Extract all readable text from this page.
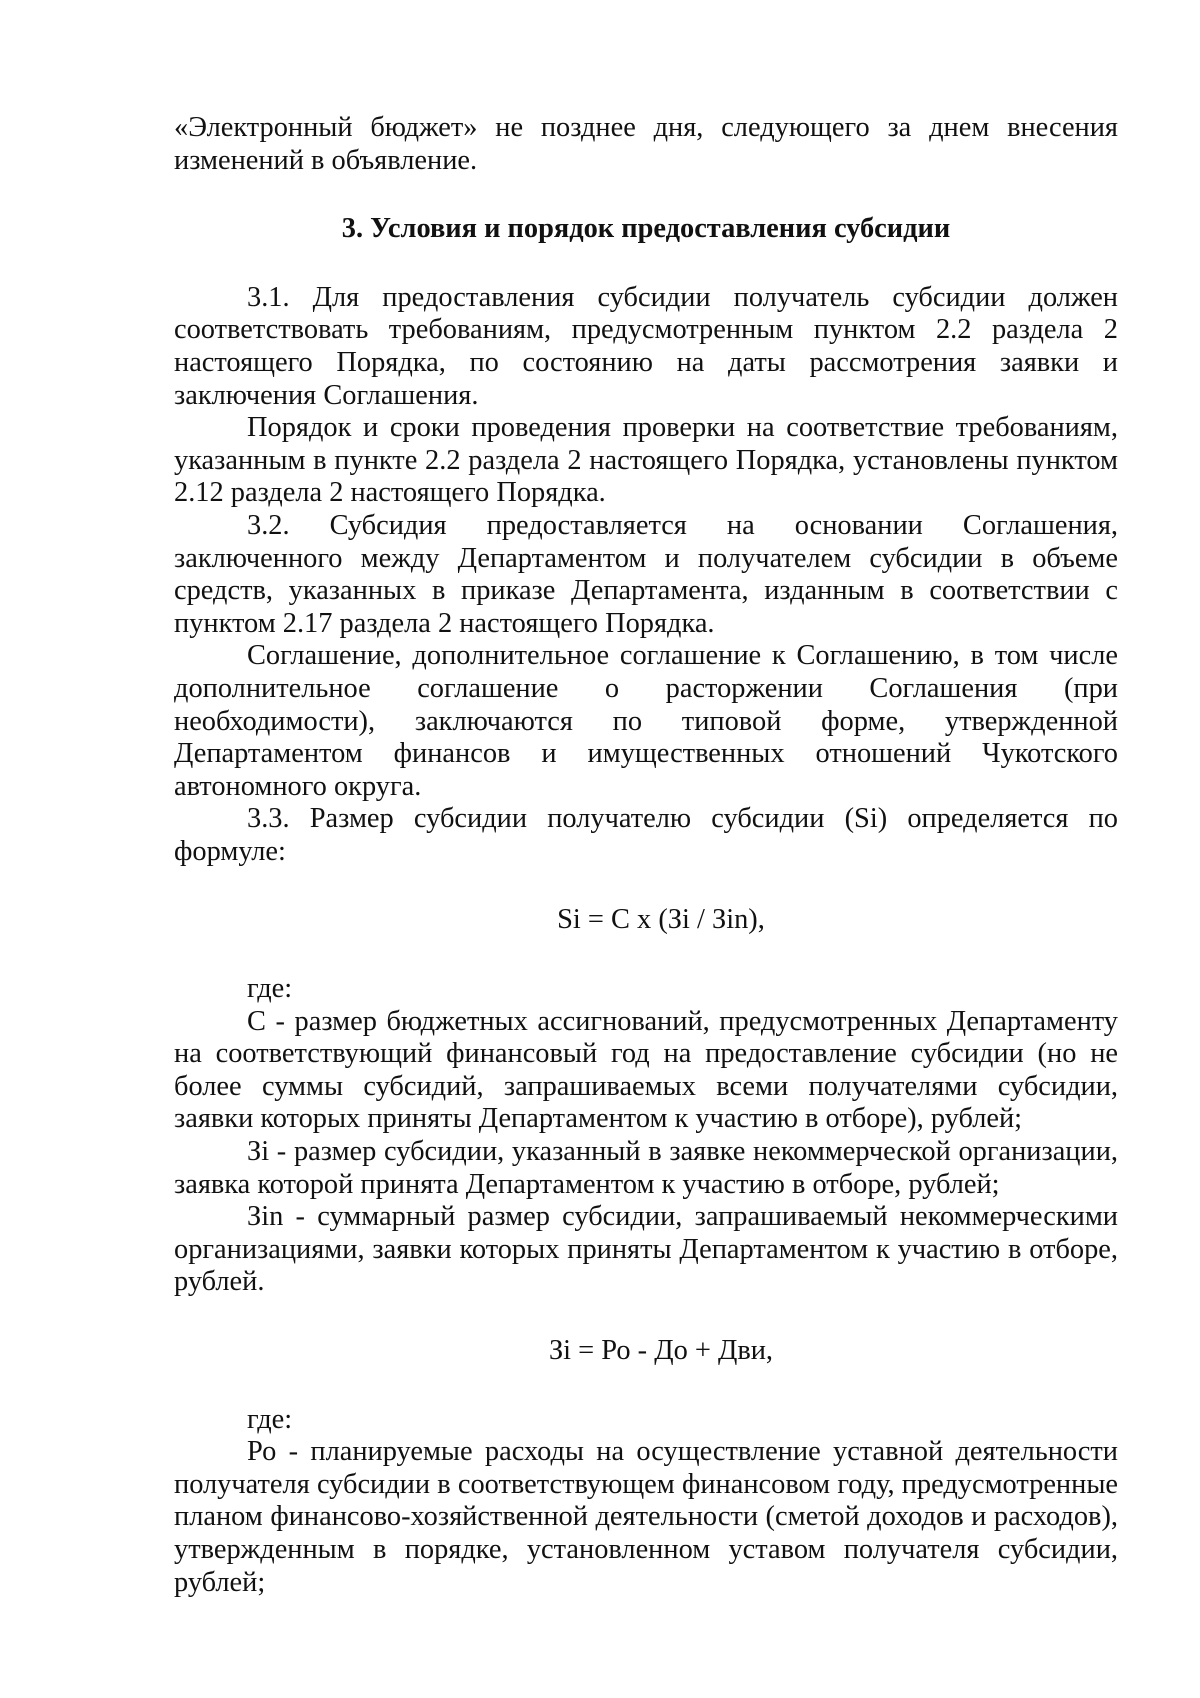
«Электронный бюджет» не позднее дня, следующего за днем внесения изменений в объявление.

3. Условия и порядок предоставления субсидии

3.1. Для предоставления субсидии получатель субсидии должен соответствовать требованиям, предусмотренным пунктом 2.2 раздела 2 настоящего Порядка, по состоянию на даты рассмотрения заявки и заключения Соглашения.

Порядок и сроки проведения проверки на соответствие требованиям, указанным в пункте 2.2 раздела 2 настоящего Порядка, установлены пунктом 2.12 раздела 2 настоящего Порядка.

3.2. Субсидия предоставляется на основании Соглашения, заключенного между Департаментом и получателем субсидии в объеме средств, указанных в приказе Департамента, изданным в соответствии с пунктом 2.17 раздела 2 настоящего Порядка.

Соглашение, дополнительное соглашение к Соглашению, в том числе дополнительное соглашение о расторжении Соглашения (при необходимости), заключаются по типовой форме, утвержденной Департаментом финансов и имущественных отношений Чукотского автономного округа.

3.3. Размер субсидии получателю субсидии (Si) определяется по формуле:

Si = C x (Зi / Зin),

где:

С - размер бюджетных ассигнований, предусмотренных Департаменту на соответствующий финансовый год на предоставление субсидии (но не более суммы субсидий, запрашиваемых всеми получателями субсидии, заявки которых приняты Департаментом к участию в отборе), рублей;

Зi - размер субсидии, указанный в заявке некоммерческой организации, заявка которой принята Департаментом к участию в отборе, рублей;

Зin - суммарный размер субсидии, запрашиваемый некоммерческими организациями, заявки которых приняты Департаментом к участию в отборе, рублей.

Зi = Ро - До + Дви,

где:

Ро - планируемые расходы на осуществление уставной деятельности получателя субсидии в соответствующем финансовом году, предусмотренные планом финансово-хозяйственной деятельности (сметой доходов и расходов), утвержденным в порядке, установленном уставом получателя субсидии, рублей;
